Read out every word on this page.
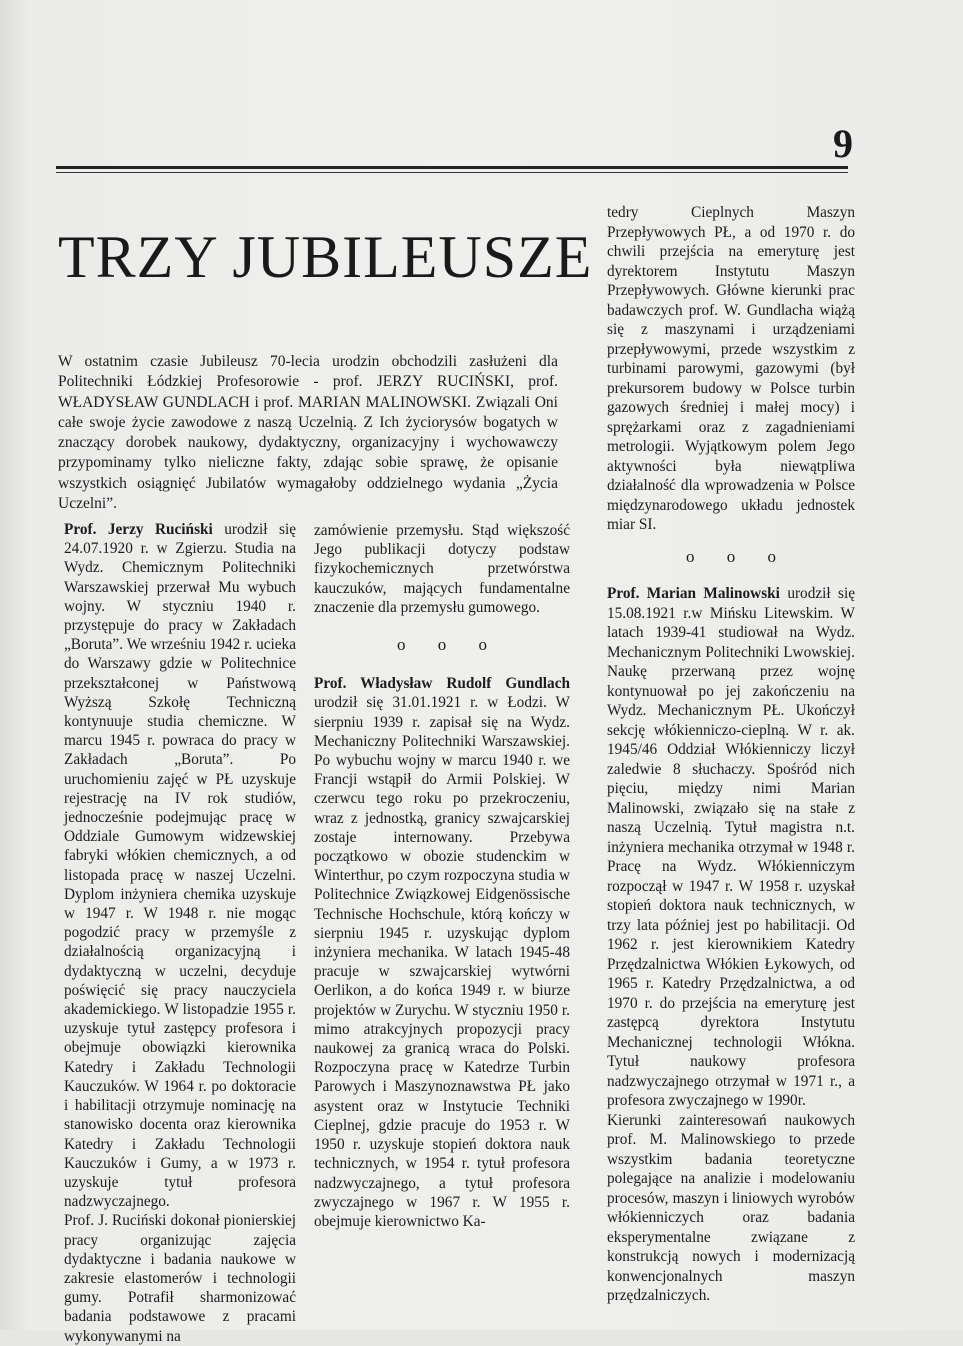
9
TRZY JUBILEUSZE

W ostatnim czasie Jubileusz 70-lecia urodzin obchodzili zasłużeni dla Politechniki Łódzkiej Profesorowie - prof. JERZY RUCIŃSKI, prof. WŁADYSŁAW GUNDLACH i prof. MARIAN MALINOWSKI. Związali Oni całe swoje życie zawodowe z naszą Uczelnią. Z Ich życiorysów bogatych w znaczący dorobek naukowy, dydaktyczny, organizacyjny i wychowawczy przypominamy tylko nieliczne fakty, zdając sobie sprawę, że opisanie wszystkich osiągnięć Jubilatów wymagałoby oddzielnego wydania „Życia Uczelni”.

Prof. Jerzy Ruciński urodził się 24.07.1920 r. w Zgierzu. Studia na Wydz. Chemicznym Politechniki Warszawskiej przerwał Mu wybuch wojny. W styczniu 1940 r. przystępuje do pracy w Zakładach „Boruta”. We wrześniu 1942 r. ucieka do Warszawy gdzie w Politechnice przekształconej w Państwową Wyższą Szkołę Techniczną kontynuuje studia chemiczne. W marcu 1945 r. powraca do pracy w Zakładach „Boruta”. Po uruchomieniu zajęć w PŁ uzyskuje rejestrację na IV rok studiów, jednocześnie podejmując pracę w Oddziale Gumowym widzewskiej fabryki włókien chemicznych, a od listopada pracę w naszej Uczelni. Dyplom inżyniera chemika uzyskuje w 1947 r. W 1948 r. nie mogąc pogodzić pracy w przemyśle z działalnością organizacyjną i dydaktyczną w uczelni, decyduje poświęcić się pracy nauczyciela akademickiego. W listopadzie 1955 r. uzyskuje tytuł zastępcy profesora i obejmuje obowiązki kierownika Katedry i Zakładu Technologii Kauczuków. W 1964 r. po doktoracie i habilitacji otrzymuje nominację na stanowisko docenta oraz kierownika Katedry i Zakładu Technologii Kauczuków i Gumy, a w 1973 r. uzyskuje tytuł profesora nadzwyczajnego.

Prof. J. Ruciński dokonał pionierskiej pracy organizując zajęcia dydaktyczne i badania naukowe w zakresie elastomerów i technologii gumy. Potrafił sharmonizować badania podstawowe z pracami wykonywanymi na

zamówienie przemysłu. Stąd większość Jego publikacji dotyczy podstaw fizykochemicznych przetwórstwa kauczuków, mających fundamentalne znaczenie dla przemysłu gumowego.

o o o

Prof. Władysław Rudolf Gundlach urodził się 31.01.1921 r. w Łodzi. W sierpniu 1939 r. zapisał się na Wydz. Mechaniczny Politechniki Warszawskiej. Po wybuchu wojny w marcu 1940 r. we Francji wstąpił do Armii Polskiej. W czerwcu tego roku po przekroczeniu, wraz z jednostką, granicy szwajcarskiej zostaje internowany. Przebywa początkowo w obozie studenckim w Winterthur, po czym rozpoczyna studia w Politechnice Związkowej Eidgenössische Technische Hochschule, którą kończy w sierpniu 1945 r. uzyskując dyplom inżyniera mechanika. W latach 1945-48 pracuje w szwajcarskiej wytwórni Oerlikon, a do końca 1949 r. w biurze projektów w Zurychu. W styczniu 1950 r. mimo atrakcyjnych propozycji pracy naukowej za granicą wraca do Polski. Rozpoczyna pracę w Katedrze Turbin Parowych i Maszynoznawstwa PŁ jako asystent oraz w Instytucie Techniki Cieplnej, gdzie pracuje do 1953 r. W 1950 r. uzyskuje stopień doktora nauk technicznych, w 1954 r. tytuł profesora nadzwyczajnego, a tytuł profesora zwyczajnego w 1967 r. W 1955 r. obejmuje kierownictwo Ka-

tedry Cieplnych Maszyn Przepływowych PŁ, a od 1970 r. do chwili przejścia na emeryturę jest dyrektorem Instytutu Maszyn Przepływowych. Główne kierunki prac badawczych prof. W. Gundlacha wiążą się z maszynami i urządzeniami przepływowymi, przede wszystkim z turbinami parowymi, gazowymi (był prekursorem budowy w Polsce turbin gazowych średniej i małej mocy) i sprężarkami oraz z zagadnieniami metrologii. Wyjątkowym polem Jego aktywności była niewątpliwa działalność dla wprowadzenia w Polsce międzynarodowego układu jednostek miar SI.

o o o

Prof. Marian Malinowski urodził się 15.08.1921 r.w Mińsku Litewskim. W latach 1939-41 studiował na Wydz. Mechanicznym Politechniki Lwowskiej. Naukę przerwaną przez wojnę kontynuował po jej zakończeniu na Wydz. Mechanicznym PŁ. Ukończył sekcję włókienniczo-cieplną. W r. ak. 1945/46 Oddział Włókienniczy liczył zaledwie 8 słuchaczy. Spośród nich pięciu, między nimi Marian Malinowski, związało się na stałe z naszą Uczelnią. Tytuł magistra n.t. inżyniera mechanika otrzymał w 1948 r. Pracę na Wydz. Włókienniczym rozpoczął w 1947 r. W 1958 r. uzyskał stopień doktora nauk technicznych, w trzy lata później jest po habilitacji. Od 1962 r. jest kierownikiem Katedry Przędzalnictwa Włókien Łykowych, od 1965 r. Katedry Przędzalnictwa, a od 1970 r. do przejścia na emeryturę jest zastępcą dyrektora Instytutu Mechanicznej technologii Włókna. Tytuł naukowy profesora nadzwyczajnego otrzymał w 1971 r., a profesora zwyczajnego w 1990r.

Kierunki zainteresowań naukowych prof. M. Malinowskiego to przede wszystkim badania teoretyczne polegające na analizie i modelowaniu procesów, maszyn i liniowych wyrobów włókienniczych oraz badania eksperymentalne związane z konstrukcją nowych i modernizacją konwencjonalnych maszyn przędzalniczych.
